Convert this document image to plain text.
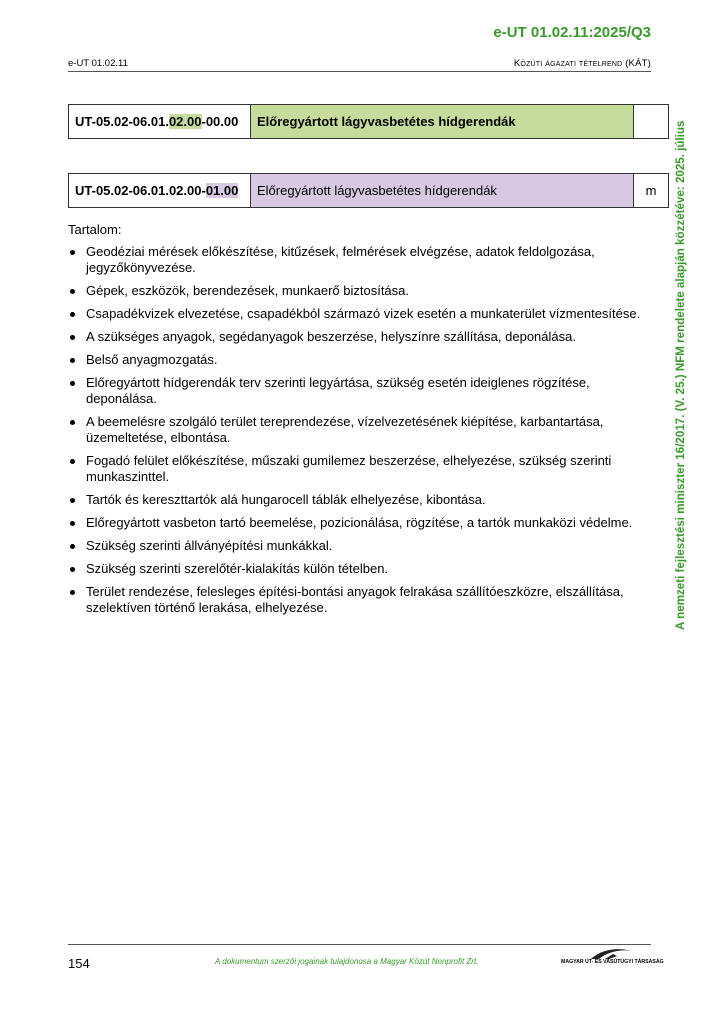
e-UT 01.02.11:2025/Q3
e-UT 01.02.11	Közúti ágazati tételrend (KÁT)
A nemzeti fejlesztési miniszter 16/2017. (V. 25.) NFM rendelete alapján közzétéve: 2025. július
UT-05.02-06.01.02.00-00.00	Előregyártott lágyvasbetétes hídgerendák	
UT-05.02-06.01.02.00-01.00	Előregyártott lágyvasbetétes hídgerendák	m
Tartalom:
Geodéziai mérések előkészítése, kitűzések, felmérések elvégzése, adatok feldolgozása, jegyzőkönyvezése.
Gépek, eszközök, berendezések, munkaerő biztosítása.
Csapadékvizek elvezetése, csapadékból származó vizek esetén a munkaterület vízmentesítése.
A szükséges anyagok, segédanyagok beszerzése, helyszínre szállítása, deponálása.
Belső anyagmozgatás.
Előregyártott hídgerendák terv szerinti legyártása, szükség esetén ideiglenes rögzítése, deponálása.
A beemelésre szolgáló terület tereprendezése, vízelvezetésének kiépítése, karbantartása, üzemeltetése, elbontása.
Fogadó felület előkészítése, műszaki gumilemez beszerzése, elhelyezése, szükség szerinti munkaszinttel.
Tartók és kereszttartók alá hungarocell táblák elhelyezése, kibontása.
Előregyártott vasbeton tartó beemelése, pozicionálása, rögzítése, a tartók munkaközi védelme.
Szükség szerinti állványépítési munkákkal.
Szükség szerinti szerelőtér-kialakítás külön tételben.
Terület rendezése, felesleges építési-bontási anyagok felrakása szállítóeszközre, elszállítása, szelektíven történő lerakása, elhelyezése.
154	A dokumentum szerzői jogainak tulajdonosa a Magyar Közút Nonprofit Zrt.	MAGYAR ÚT- ÉS VASÚTÜGYI TÁRSASÁG
